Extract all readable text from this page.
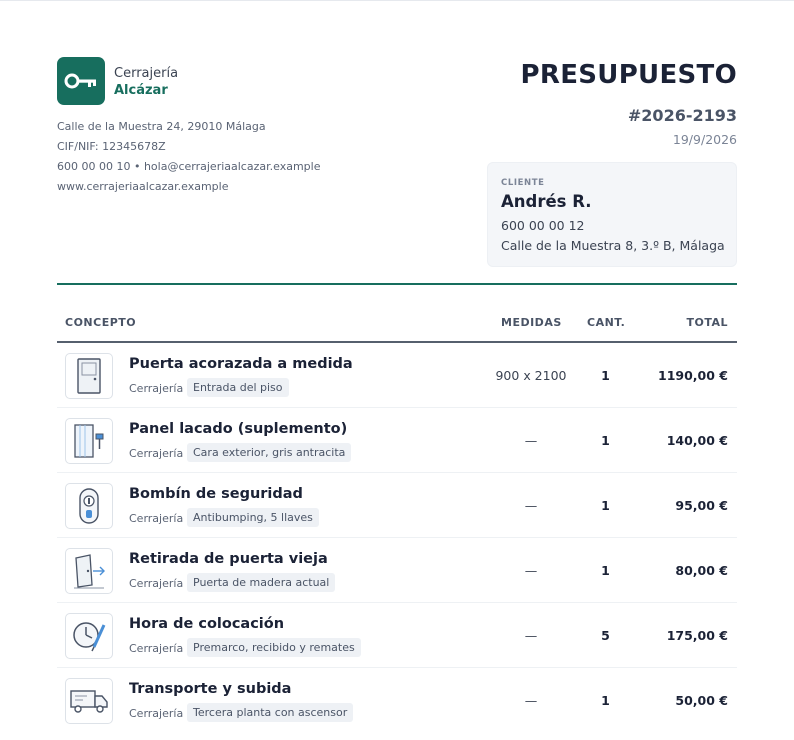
Cerrajería
Alcázar
Calle de la Muestra 24, 29010 Málaga
CIF/NIF: 12345678Z
600 00 00 10 • hola@cerrajeriaalcazar.example
www.cerrajeriaalcazar.example
PRESUPUESTO
#2026-2193
19/9/2026
CLIENTE
Andrés R.
600 00 00 12
Calle de la Muestra 8, 3.º B, Málaga
CONCEPTO	MEDIDAS CANT.	TOTAL
Puerta acorazada a medida
Cerrajería Entrada del piso
900 x 2100	1	1190,00 €
Panel lacado (suplemento)
Cerrajería Cara exterior, gris antracita
—	1	140,00 €
Bombín de seguridad
Cerrajería Antibumping, 5 llaves
—	1	95,00 €
Retirada de puerta vieja
Cerrajería Puerta de madera actual
—	1	80,00 €
Hora de colocación
Cerrajería Premarco, recibido y remates
—	5	175,00 €
Transporte y subida
Cerrajería Tercera planta con ascensor
—	1	50,00 €
